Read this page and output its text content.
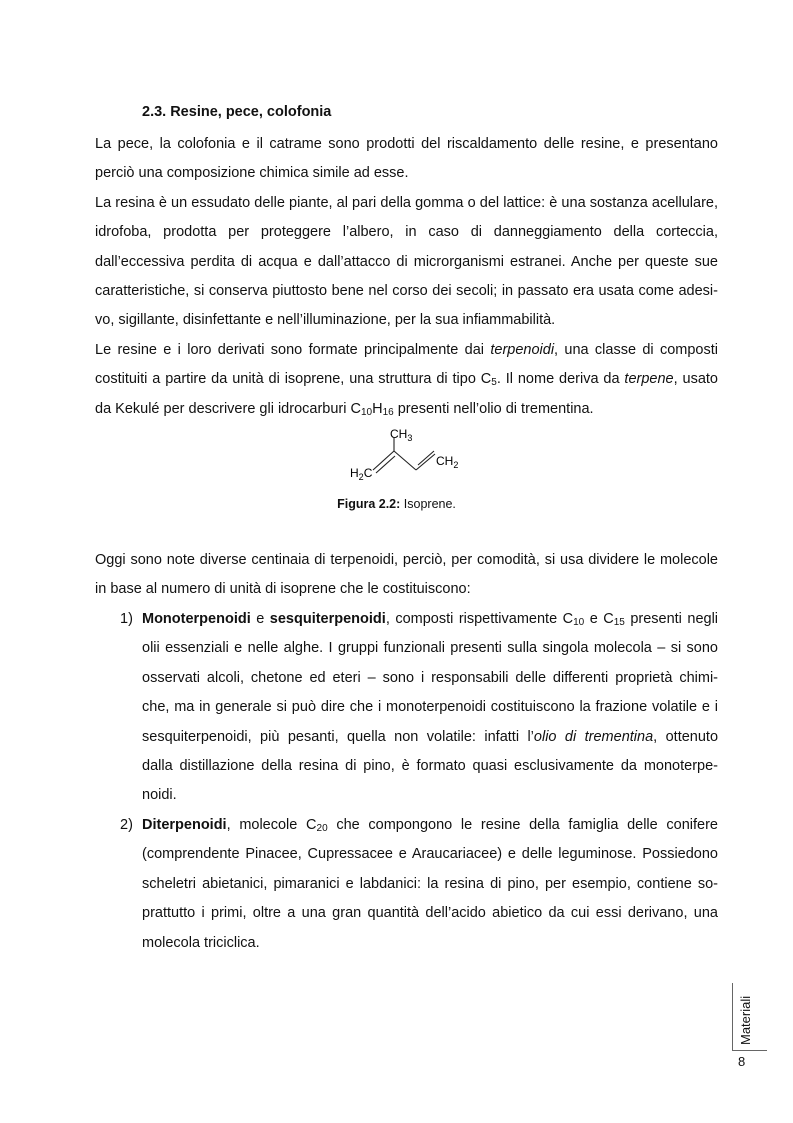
2.3. Resine, pece, colofonia
La pece, la colofonia e il catrame sono prodotti del riscaldamento delle resine, e presentano
perciò una composizione chimica simile ad esse.
La resina è un essudato delle piante, al pari della gomma o del lattice: è una sostanza acellulare,
idrofoba, prodotta per proteggere l’albero, in caso di danneggiamento della corteccia,
dall’eccessiva perdita di acqua e dall’attacco di microrganismi estranei. Anche per queste sue
caratteristiche, si conserva piuttosto bene nel corso dei secoli; in passato era usata come adesi-
vo, sigillante, disinfettante e nell’illuminazione, per la sua infiammabilità.
Le resine e i loro derivati sono formate principalmente dai terpenoidi, una classe di composti
costituiti a partire da unità di isoprene, una struttura di tipo $C_5$. Il nome deriva da terpene, usato
da Kekulé per descrivere gli idrocarburi $C_{10}H_{16}$ presenti nell’olio di trementina.
$CH_3$
$CH_2$
$H_2C$

Figura 2.2: Isoprene.

Oggi sono note diverse centinaia di terpenoidi, perciò, per comodità, si usa dividere le molecole
in base al numero di unità di isoprene che le costituiscono:

1) Monoterpenoidi e sesquiterpenoidi, composti rispettivamente $C_{10}$ e $C_{15}$ presenti negli
olii essenziali e nelle alghe. I gruppi funzionali presenti sulla singola molecola – si sono
osservati alcoli, chetone ed eteri – sono i responsabili delle differenti proprietà chimi-
che, ma in generale si può dire che i monoterpenoidi costituiscono la frazione volatile e i
sesquiterpenoidi, più pesanti, quella non volatile: infatti l’olio di trementina, ottenuto
dalla distillazione della resina di pino, è formato quasi esclusivamente da monoterpe-
noidi.

2) Diterpenoidi, molecole $C_{20}$ che compongono le resine della famiglia delle conifere
(comprendente Pinacee, Cupressacee e Araucariacee) e delle leguminose. Possiedono
scheletri abietanici, pimaranici e labdanici: la resina di pino, per esempio, contiene so-
prattutto i primi, oltre a una gran quantità dell’acido abietico da cui essi derivano, una
molecola triciclica.
Materiali

8
